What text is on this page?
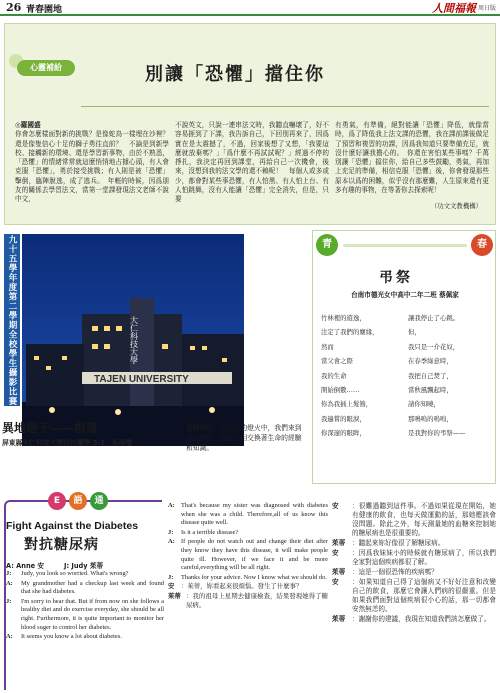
26 青春園地	人間福報 周日版
心靈補給	別讓「恐懼」擋住你
◎羅國盛
你會怎麼樣面對新的挑戰？是像蛇鳥一樣埋在沙裡？還是像隻信心十足的獅子勇往直前？　不論是到新學校、接觸新的環境、還是學習新事物，由於不熟悉，「恐懼」的情緒常常就這麼悄悄地占據心頭，有人會克服「恐懼」，勇於接受挑戰；有人則是被「恐懼」擊倒，臨陣脫逃，成了逃兵。　年輕的時候，因爲朋友的關係去學習法文，當第一堂課發現法文老師不說中文，
不說英文，只說一連串法文時，我聽直嚇壞了，好不容易捱到了下課，我告訴自己，下回別再來了，因爲實在是太震撼了，不過，回家後想了又想，「我要這麼就放棄嗎？」「爲什麼不再試試呢？」經過不停的掙扎，我決定再回到課堂，再給自己一次機會，後來，沒想到我的法文學的還不賴呢！　每個人或多或少，都會對某些事恐懼，有人怕黑、有人怕上台、有人怕跳舞，沒有人能讓「恐懼」完全消失，但是，只要
有勇氣，有準備，絕對能讓「恐懼」降低，就像當時，爲了降低我上法文課的恐懼，我在課前課後做足了預習和複習的功課，因爲我知道只要準備充足，就沒什麼好讓我擔心的。　你還在害怕某些事嗎？千萬別讓「恐懼」擋住你，給自己多些鼓勵，勇氣，再加上充足的準備，相信克服「恐懼」後，你會發現那些原本以爲的困難，似乎沒有那麼難，人生原來還有更多有趣的事物，在等著你去探索呢！
九十五學年度第二學期全校學生攝影比賽
TAJEN UNIVERSITY
大仁科技大學
異地遊子——根落
屏東縣大仁科技大學四技藥學 3-1　吳雨瑩
老師評語：在輝煌的燈火中，我們來到此地紮營，彼此互相交換著生命的經驗和知識。
青	春
弔祭
台南市德光女中高中二年二班 蔡佩家
竹林裡的遊逸，	讓我停止了心跳。
注定了我們的塵緣，	但，
然而	我只是一介花奴，
當父會之際	在春季綠意時，
我的生命	我把自己焚了，
開始倒數……	當秋風飄起時，
你為我插上髮簪，	請你知曉，
我遍嘗的眼淚，	那鳴嗚的嗚嗚，
你深邃的眼眸，	是我對你的弔祭——
E	語	通
Fight Against the Diabetes
對抗糖尿病
A: Anne 安	J: Judy 茱蒂
J:	Judy, you look so worried. What's wrong?
A:	My grandmother had a checkup last week and found that she had diabetes.
J:	I'm sorry to hear that. But if from now on she follows a healthy diet and do exercise everyday, she should be all right. Furthermore, it is quite important to monitor her blood suger to control her diabetes.
A:	It seems you know a lot about diabetes.
A: That's because my sister was diagnosed with diabetes when she was a child. Therefore,all of us know this disease quite well.
J:	Is it a terrible disease?
A: If people do not watch out and change their diet after they know they have this disease, it will make people quite ill. However, if we face it and be more careful,everything will be all right.
J:	Thanks for your advice. Now I know what we should do.
安	：茱蒂，妳看起來很煩惱。發生了什麼事？
茱蒂 ：我的祖母上星期去健康檢查，結果發現她得了糖尿病。
安	：很難過聽到這件事。不過如果從現在開始，她有健康的飲食，也每天做運動的話，那她應該會沒問題。除此之外，每天測量她的血糖來控制她的糖尿病也是很重要的。
茱蒂	：聽起來妳好像很了解糖尿病。
安	：因爲我妹妹小的時候就有糖尿病了，所以我們全家對這個疾病都很了解。
茱蒂	：這是一個很恐怖的疾病嗎？
安	：如果知道自己得了這個病又不好好注意和改變自己的飲食，那麼它會讓人們病的很嚴重。但是如果我們面對這個疾病很小心的話，那一切都會安然無恙的。
茱蒂	：謝謝你的建議，我現在知道我們該怎麼做了。
（功文文教機構）
